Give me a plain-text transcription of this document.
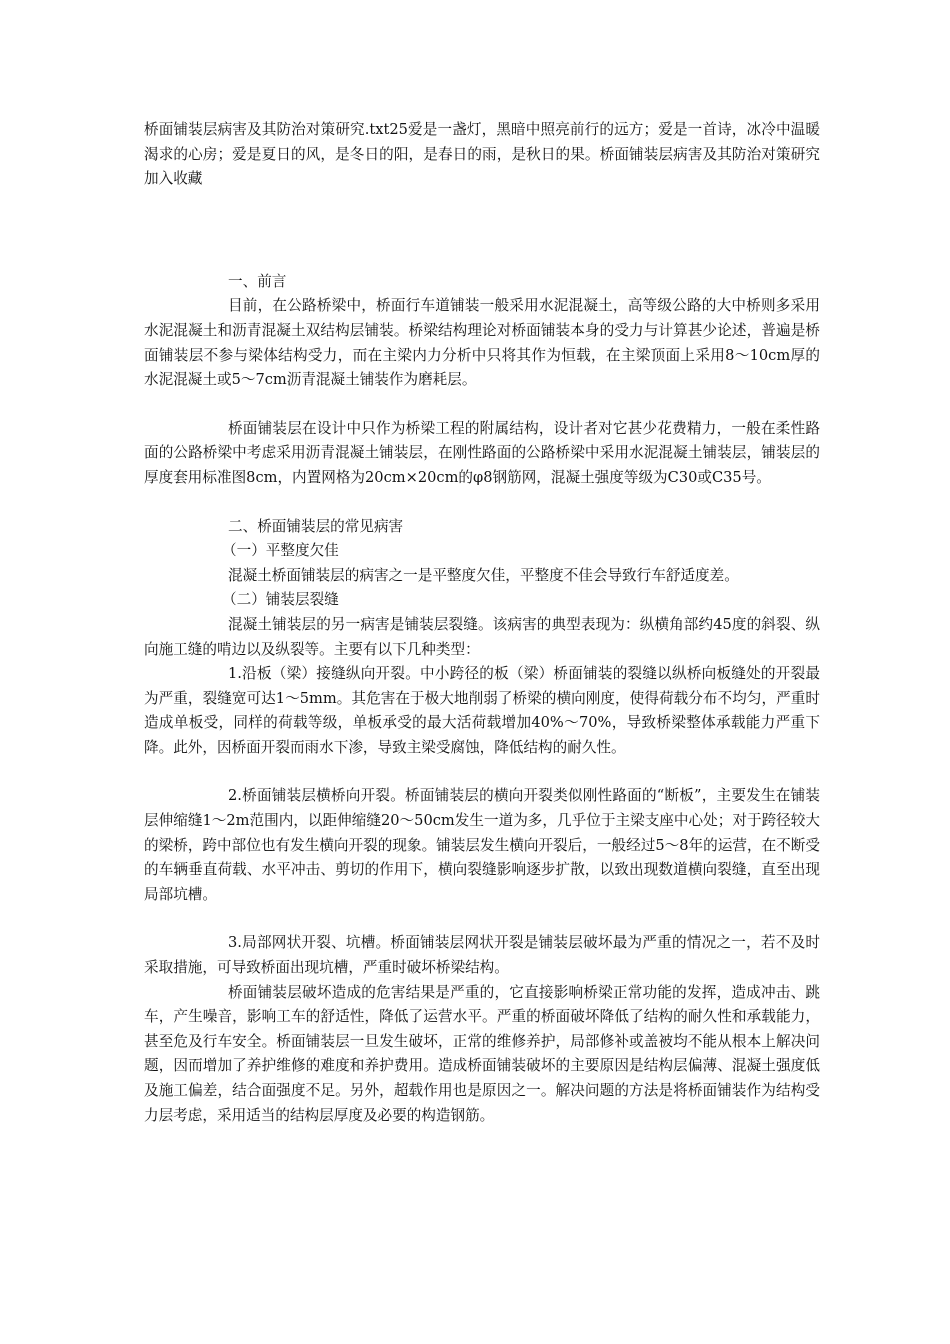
桥面铺装层病害及其防治对策研究.txt25爱是一盏灯，黑暗中照亮前行的远方；爱是一首诗，冰冷中温暖渴求的心房；爱是夏日的风，是冬日的阳，是春日的雨，是秋日的果。桥面铺装层病害及其防治对策研究 加入收藏

一、前言

目前，在公路桥梁中，桥面行车道铺装一般采用水泥混凝土，高等级公路的大中桥则多采用水泥混凝土和沥青混凝土双结构层铺装。桥梁结构理论对桥面铺装本身的受力与计算甚少论述，普遍是桥面铺装层不参与梁体结构受力，而在主梁内力分析中只将其作为恒载，在主梁顶面上采用8～10cm厚的水泥混凝土或5～7cm沥青混凝土铺装作为磨耗层。

桥面铺装层在设计中只作为桥梁工程的附属结构，设计者对它甚少花费精力，一般在柔性路面的公路桥梁中考虑采用沥青混凝土铺装层，在刚性路面的公路桥梁中采用水泥混凝土铺装层，铺装层的厚度套用标准图8cm，内置网格为20cm×20cm的φ8钢筋网，混凝土强度等级为C30或C35号。

二、桥面铺装层的常见病害

（一）平整度欠佳

混凝土桥面铺装层的病害之一是平整度欠佳，平整度不佳会导致行车舒适度差。

（二）铺装层裂缝

混凝土铺装层的另一病害是铺装层裂缝。该病害的典型表现为：纵横角部约45度的斜裂、纵向施工缝的啃边以及纵裂等。主要有以下几种类型：

1.沿板（梁）接缝纵向开裂。中小跨径的板（梁）桥面铺装的裂缝以纵桥向板缝处的开裂最为严重，裂缝宽可达1～5mm。其危害在于极大地削弱了桥梁的横向刚度，使得荷载分布不均匀，严重时造成单板受，同样的荷载等级，单板承受的最大活荷载增加40%～70%，导致桥梁整体承载能力严重下降。此外，因桥面开裂而雨水下渗，导致主梁受腐蚀，降低结构的耐久性。

2.桥面铺装层横桥向开裂。桥面铺装层的横向开裂类似刚性路面的“断板”，主要发生在铺装层伸缩缝1～2m范围内，以距伸缩缝20～50cm发生一道为多，几乎位于主梁支座中心处；对于跨径较大的梁桥，跨中部位也有发生横向开裂的现象。铺装层发生横向开裂后，一般经过5～8年的运营，在不断受的车辆垂直荷载、水平冲击、剪切的作用下，横向裂缝影响逐步扩散，以致出现数道横向裂缝，直至出现局部坑槽。

3.局部网状开裂、坑槽。桥面铺装层网状开裂是铺装层破坏最为严重的情况之一，若不及时采取措施，可导致桥面出现坑槽，严重时破坏桥梁结构。

桥面铺装层破坏造成的危害结果是严重的，它直接影响桥梁正常功能的发挥，造成冲击、跳车，产生噪音，影响工车的舒适性，降低了运营水平。严重的桥面破坏降低了结构的耐久性和承载能力，甚至危及行车安全。桥面铺装层一旦发生破坏，正常的维修养护，局部修补或盖被均不能从根本上解决问题，因而增加了养护维修的难度和养护费用。造成桥面铺装破坏的主要原因是结构层偏薄、混凝土强度低及施工偏差，结合面强度不足。另外，超载作用也是原因之一。解决问题的方法是将桥面铺装作为结构受力层考虑，采用适当的结构层厚度及必要的构造钢筋。
